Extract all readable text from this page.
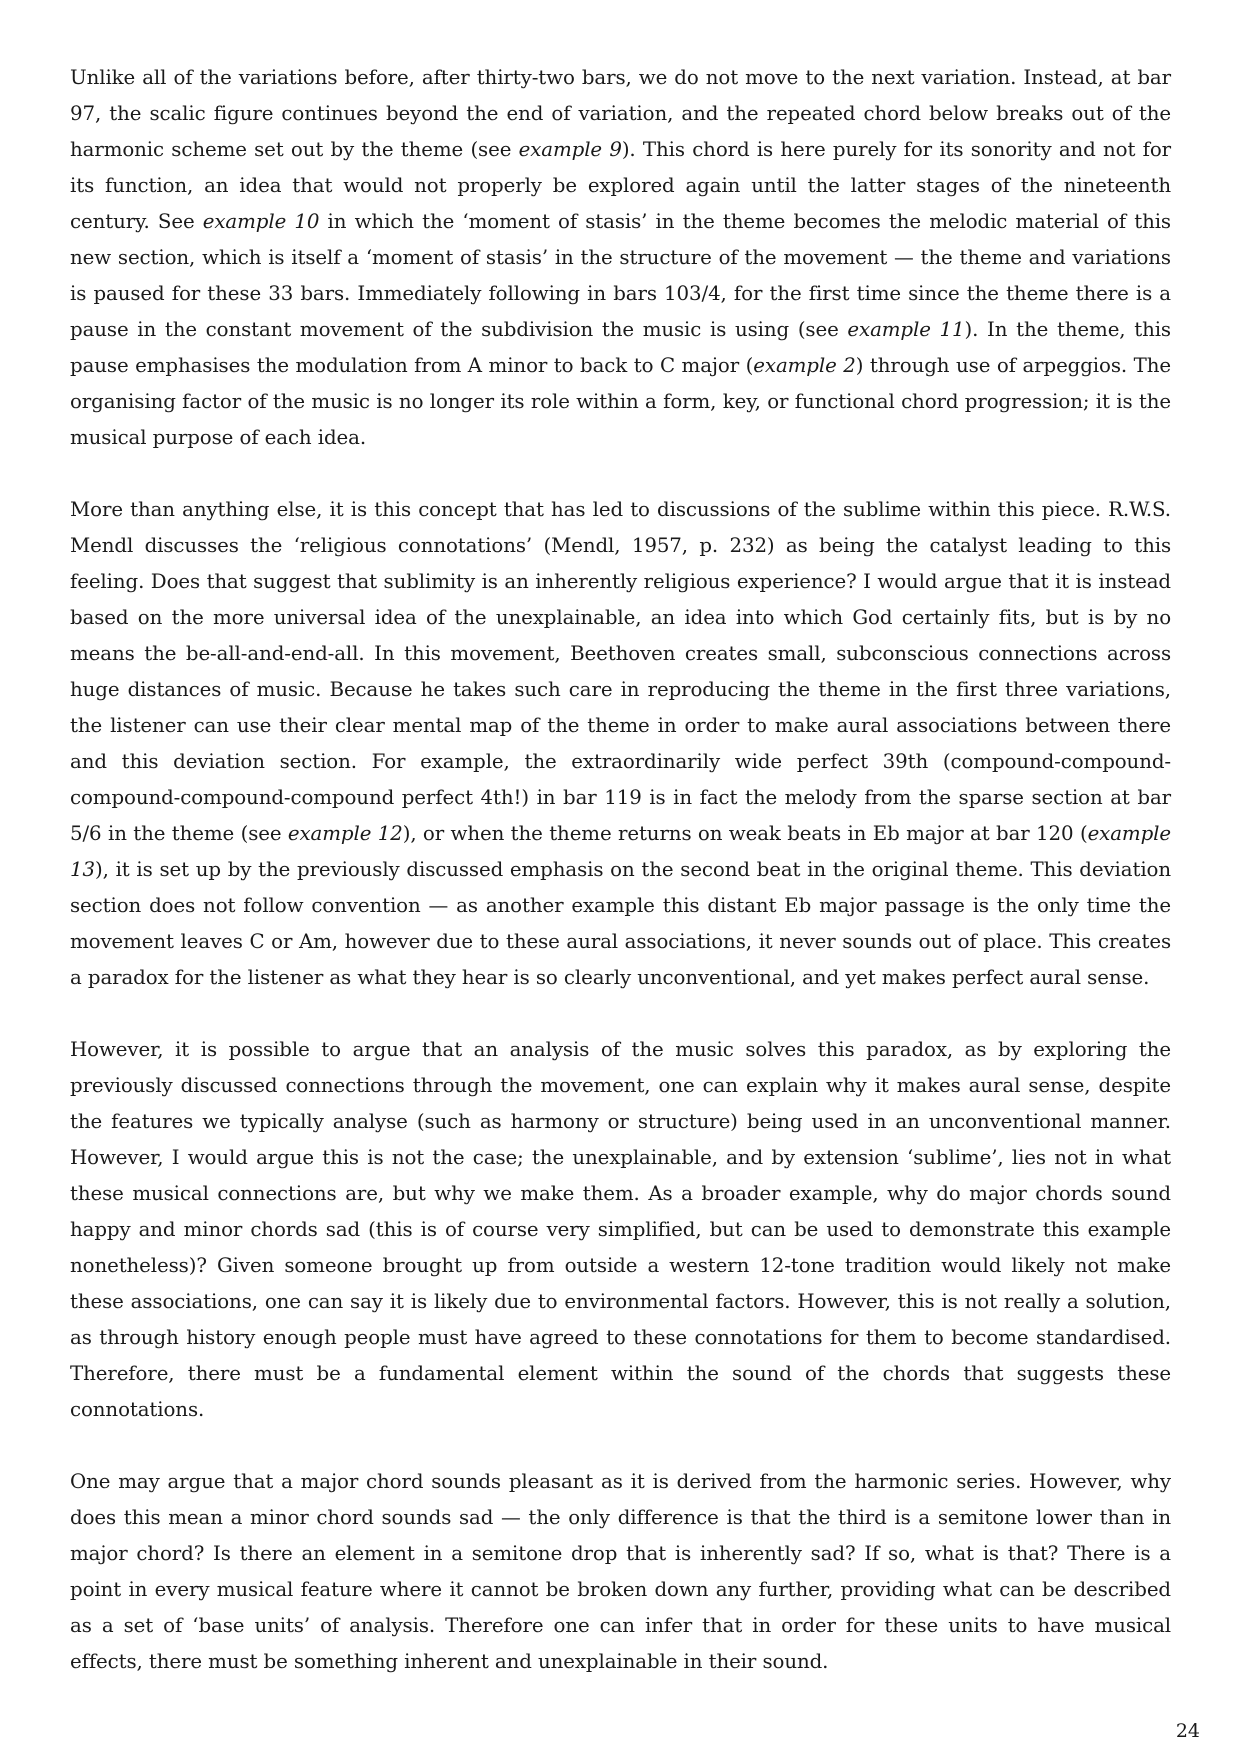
Unlike all of the variations before, after thirty-two bars, we do not move to the next variation. Instead, at bar 97, the scalic figure continues beyond the end of variation, and the repeated chord below breaks out of the harmonic scheme set out by the theme (see example 9). This chord is here purely for its sonority and not for its function, an idea that would not properly be explored again until the latter stages of the nineteenth century. See example 10 in which the ‘moment of stasis’ in the theme becomes the melodic material of this new section, which is itself a ‘moment of stasis’ in the structure of the movement — the theme and variations is paused for these 33 bars. Immediately following in bars 103/4, for the first time since the theme there is a pause in the constant movement of the subdivision the music is using (see example 11). In the theme, this pause emphasises the modulation from A minor to back to C major (example 2) through use of arpeggios. The organising factor of the music is no longer its role within a form, key, or functional chord progression; it is the musical purpose of each idea.

More than anything else, it is this concept that has led to discussions of the sublime within this piece. R.W.S. Mendl discusses the ‘religious connotations’ (Mendl, 1957, p. 232) as being the catalyst leading to this feeling. Does that suggest that sublimity is an inherently religious experience? I would argue that it is instead based on the more universal idea of the unexplainable, an idea into which God certainly fits, but is by no means the be-all-and-end-all. In this movement, Beethoven creates small, subconscious connections across huge distances of music. Because he takes such care in reproducing the theme in the first three variations, the listener can use their clear mental map of the theme in order to make aural associations between there and this deviation section. For example, the extraordinarily wide perfect 39th (compound-compound-compound-compound-compound perfect 4th!) in bar 119 is in fact the melody from the sparse section at bar 5/6 in the theme (see example 12), or when the theme returns on weak beats in Eb major at bar 120 (example 13), it is set up by the previously discussed emphasis on the second beat in the original theme. This deviation section does not follow convention — as another example this distant Eb major passage is the only time the movement leaves C or Am, however due to these aural associations, it never sounds out of place. This creates a paradox for the listener as what they hear is so clearly unconventional, and yet makes perfect aural sense.

However, it is possible to argue that an analysis of the music solves this paradox, as by exploring the previously discussed connections through the movement, one can explain why it makes aural sense, despite the features we typically analyse (such as harmony or structure) being used in an unconventional manner. However, I would argue this is not the case; the unexplainable, and by extension ‘sublime’, lies not in what these musical connections are, but why we make them. As a broader example, why do major chords sound happy and minor chords sad (this is of course very simplified, but can be used to demonstrate this example nonetheless)? Given someone brought up from outside a western 12-tone tradition would likely not make these associations, one can say it is likely due to environmental factors. However, this is not really a solution, as through history enough people must have agreed to these connotations for them to become standardised. Therefore, there must be a fundamental element within the sound of the chords that suggests these connotations.

One may argue that a major chord sounds pleasant as it is derived from the harmonic series. However, why does this mean a minor chord sounds sad — the only difference is that the third is a semitone lower than in major chord? Is there an element in a semitone drop that is inherently sad? If so, what is that? There is a point in every musical feature where it cannot be broken down any further, providing what can be described as a set of ‘base units’ of analysis. Therefore one can infer that in order for these units to have musical effects, there must be something inherent and unexplainable in their sound.

24
